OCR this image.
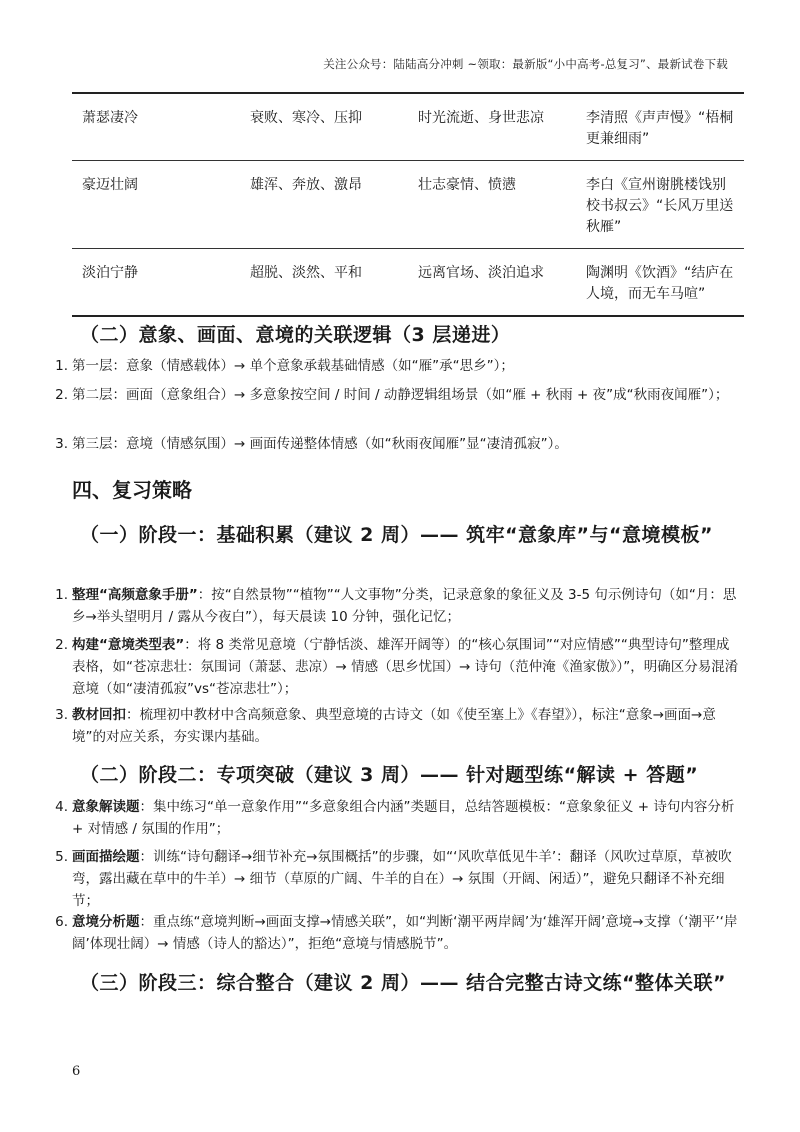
关注公众号：陆陆高分冲刺 ~领取：最新版“小中高考-总复习”、最新试卷下载
萧瑟凄冷	衰败、寒冷、压抑	时光流逝、身世悲凉	李清照《声声慢》“梧桐更兼细雨”
豪迈壮阔	雄浑、奔放、激昂	壮志豪情、愤懑	李白《宣州谢朓楼饯别校书叔云》“长风万里送秋雁”
淡泊宁静	超脱、淡然、平和	远离官场、淡泊追求	陶渊明《饮酒》“结庐在人境，而无车马喧”
（二）意象、画面、意境的关联逻辑（3 层递进）
1. 第一层：意象（情感载体）→ 单个意象承载基础情感（如“雁”承“思乡”）；
2. 第二层：画面（意象组合）→ 多意象按空间 / 时间 / 动静逻辑组场景（如“雁 + 秋雨 + 夜”成“秋雨夜闻雁”）；
3. 第三层：意境（情感氛围）→ 画面传递整体情感（如“秋雨夜闻雁”显“凄清孤寂”）。
四、复习策略
（一）阶段一：基础积累（建议 2 周）—— 筑牢“意象库”与“意境模板”
1. 整理“高频意象手册”：按“自然景物”“植物”“人文事物”分类，记录意象的象征义及 3-5 句示例诗句（如“月：思乡→举头望明月 / 露从今夜白”），每天晨读 10 分钟，强化记忆；
2. 构建“意境类型表”：将 8 类常见意境（宁静恬淡、雄浑开阔等）的“核心氛围词”“对应情感”“典型诗句”整理成表格，如“苍凉悲壮：氛围词（萧瑟、悲凉）→ 情感（思乡忧国）→ 诗句（范仲淹《渔家傲》）”，明确区分易混淆意境（如“凄清孤寂”vs“苍凉悲壮”）；
3. 教材回扣：梳理初中教材中含高频意象、典型意境的古诗文（如《使至塞上》《春望》），标注“意象→画面→意境”的对应关系，夯实课内基础。
（二）阶段二：专项突破（建议 3 周）—— 针对题型练“解读 + 答题”
4. 意象解读题：集中练习“单一意象作用”“多意象组合内涵”类题目，总结答题模板：“意象象征义 + 诗句内容分析 + 对情感 / 氛围的作用”；
5. 画面描绘题：训练“诗句翻译→细节补充→氛围概括”的步骤，如“‘风吹草低见牛羊’：翻译（风吹过草原，草被吹弯，露出藏在草中的牛羊）→ 细节（草原的广阔、牛羊的自在）→ 氛围（开阔、闲适）”，避免只翻译不补充细节；
6. 意境分析题：重点练“意境判断→画面支撑→情感关联”，如“判断‘潮平两岸阔’为‘雄浑开阔’意境→支撑（‘潮平’‘岸阔’体现壮阔）→ 情感（诗人的豁达）”，拒绝“意境与情感脱节”。
（三）阶段三：综合整合（建议 2 周）—— 结合完整古诗文练“整体关联”
6
